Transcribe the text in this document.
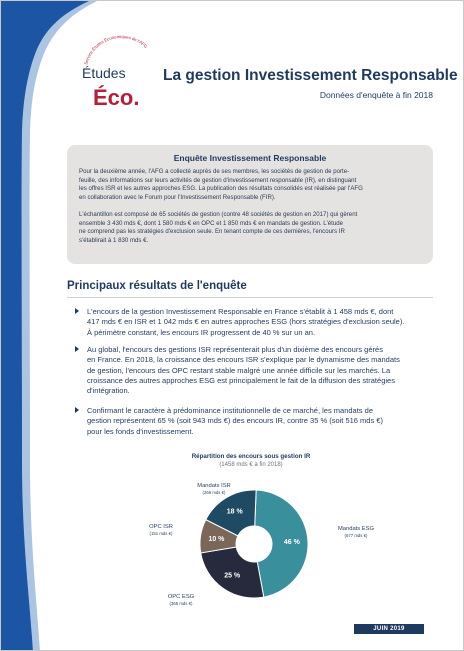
Service Études Économiques de l'AFG
Études
Éco.
La gestion Investissement Responsable
Données d'enquête à fin 2018
Enquête Investissement Responsable
Pour la deuxième année, l'AFG a collecté auprès de ses membres, les sociétés de gestion de porte-
feuille, des informations sur leurs activités de gestion d'investissement responsable (IR), en distinguant
les offres ISR et les autres approches ESG. La publication des résultats consolidés est réalisée par l'AFG
en collaboration avec le Forum pour l'Investissement Responsable (FIR).
L'échantillon est composé de 65 sociétés de gestion (contre 48 sociétés de gestion en 2017) qui gèrent
ensemble 3 430 mds €, dont 1 580 mds € en OPC et 1 850 mds € en mandats de gestion. L'étude
ne comprend pas les stratégies d'exclusion seule. En tenant compte de ces dernières, l'encours IR
s'établirait à 1 830 mds €.
Principaux résultats de l'enquête
L'encours de la gestion Investissement Responsable en France s'établit à 1 458 mds €, dont
417 mds € en ISR et 1 042 mds € en autres approches ESG (hors stratégies d'exclusion seule).
À périmètre constant, les encours IR progressent de 40 % sur un an.
Au global, l'encours des gestions ISR représenterait plus d'un dixième des encours gérés
en France. En 2018, la croissance des encours ISR s'explique par le dynamisme des mandats
de gestion, l'encours des OPC restant stable malgré une année difficile sur les marchés. La
croissance des autres approches ESG est principalement le fait de la diffusion des stratégies
d'intégration.
Confirmant le caractère à prédominance institutionnelle de ce marché, les mandats de
gestion représentent 65 % (soit 943 mds €) des encours IR, contre 35 % (soit 516 mds €)
pour les fonds d'investissement.
Répartition des encours sous gestion IR
(1458 mds € à fin 2018)
46 %
Mandats ESG
(677 mds €)
25 %
OPC ESG
(365 mds €)
10 %
OPC ISR
(151 mds €)
18 %
Mandats ISR
(266 mds €)
JUIN 2019
